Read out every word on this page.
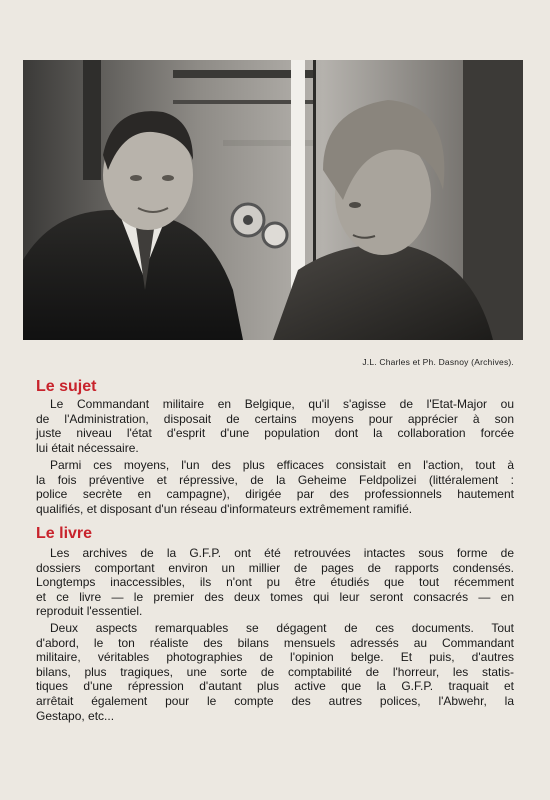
J.L. Charles et Ph. Dasnoy (Archives).
Le sujet

Le Commandant militaire en Belgique, qu'il s'agisse de l'Etat-Major ou
de l'Administration, disposait de certains moyens pour apprécier à son
juste niveau l'état d'esprit d'une population dont la collaboration forcée
lui était nécessaire.

Parmi ces moyens, l'un des plus efficaces consistait en l'action, tout à
la fois préventive et répressive, de la Geheime Feldpolizei (littéralement :
police secrète en campagne), dirigée par des professionnels hautement
qualifiés, et disposant d'un réseau d'informateurs extrêmement ramifié.

Le livre

Les archives de la G.F.P. ont été retrouvées intactes sous forme de
dossiers comportant environ un millier de pages de rapports condensés.
Longtemps inaccessibles, ils n'ont pu être étudiés que tout récemment
et ce livre — le premier des deux tomes qui leur seront consacrés — en
reproduit l'essentiel.

Deux aspects remarquables se dégagent de ces documents. Tout
d'abord, le ton réaliste des bilans mensuels adressés au Commandant
militaire, véritables photographies de l'opinion belge. Et puis, d'autres
bilans, plus tragiques, une sorte de comptabilité de l'horreur, les statis-
tiques d'une répression d'autant plus active que la G.F.P. traquait et
arrêtait également pour le compte des autres polices, l'Abwehr, la
Gestapo, etc...
